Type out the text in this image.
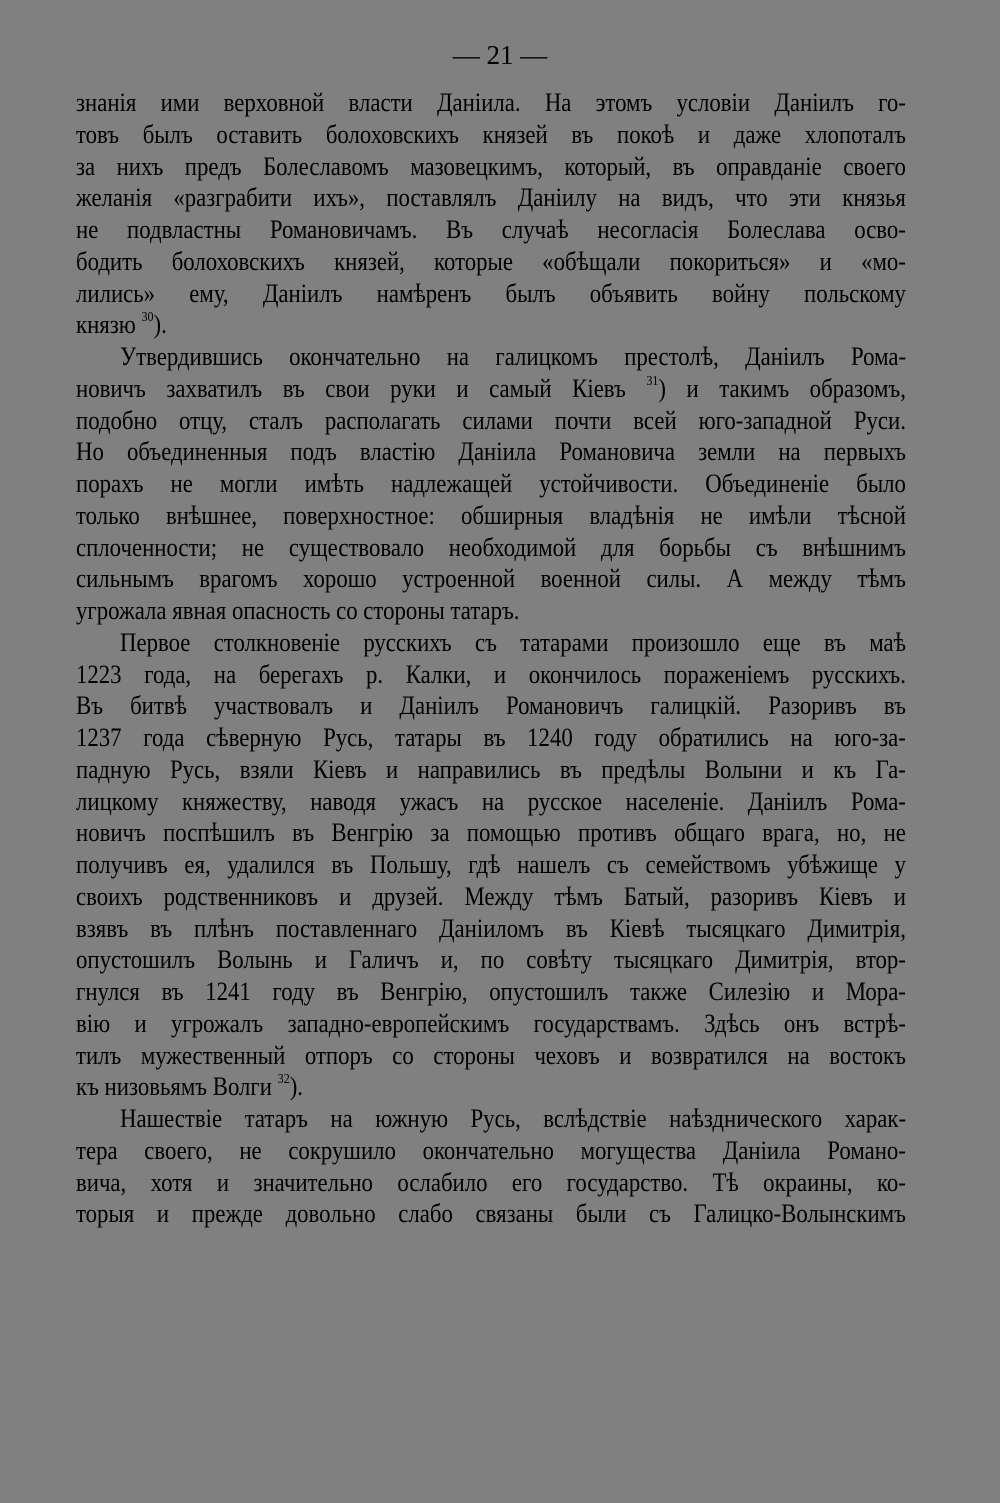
— 21 —
знанія ими верховной власти Даніила. На этомъ условіи Даніилъ го-
товъ былъ оставить болоховскихъ князей въ покоѣ и даже хлопоталъ
за нихъ предъ Болеславомъ мазовецкимъ, который, въ оправданіе своего
желанія «разграбити ихъ», поставлялъ Даніилу на видъ, что эти князья
не подвластны Романовичамъ. Въ случаѣ несогласія Болеслава осво-
бодить болоховскихъ князей, которые «обѣщали покориться» и «мо-
лились» ему, Даніилъ намѣренъ былъ объявить войну польскому
князю $^{30}$).
Утвердившись окончательно на галицкомъ престолѣ, Даніилъ Рома-
новичъ захватилъ въ свои руки и самый Кіевъ $^{31}$) и такимъ образомъ,
подобно отцу, сталъ располагать силами почти всей юго-западной Руси.
Но объединенныя подъ властію Даніила Романовича земли на первыхъ
порахъ не могли имѣть надлежащей устойчивости. Объединеніе было
только внѣшнее, поверхностное: обширныя владѣнія не имѣли тѣсной
сплоченности; не существовало необходимой для борьбы съ внѣшнимъ
сильнымъ врагомъ хорошо устроенной военной силы. А между тѣмъ
угрожала явная опасность со стороны татаръ.
Первое столкновеніе русскихъ съ татарами произошло еще въ маѣ
1223 года, на берегахъ р. Калки, и окончилось пораженіемъ русскихъ.
Въ битвѣ участвовалъ и Даніилъ Романовичъ галицкій. Разоривъ въ
1237 года сѣверную Русь, татары въ 1240 году обратились на юго-за-
падную Русь, взяли Кіевъ и направились въ предѣлы Волыни и къ Га-
лицкому княжеству, наводя ужасъ на русское населеніе. Даніилъ Рома-
новичъ поспѣшилъ въ Венгрію за помощью противъ общаго врага, но, не
получивъ ея, удалился въ Польшу, гдѣ нашелъ съ семействомъ убѣжище у
своихъ родственниковъ и друзей. Между тѣмъ Батый, разоривъ Кіевъ и
взявъ въ плѣнъ поставленнаго Даніиломъ въ Кіевѣ тысяцкаго Димитрія,
опустошилъ Волынь и Галичъ и, по совѣту тысяцкаго Димитрія, втор-
гнулся въ 1241 году въ Венгрію, опустошилъ также Силезію и Мора-
вію и угрожалъ западно-европейскимъ государствамъ. Здѣсь онъ встрѣ-
тилъ мужественный отпоръ со стороны чеховъ и возвратился на востокъ
къ низовьямъ Волги $^{32}$).
Нашествіе татаръ на южную Русь, вслѣдствіе наѣзднического харак-
тера своего, не сокрушило окончательно могущества Даніила Романо-
вича, хотя и значительно ослабило его государство. Тѣ окраины, ко-
торыя и прежде довольно слабо связаны были съ Галицко-Волынскимъ
